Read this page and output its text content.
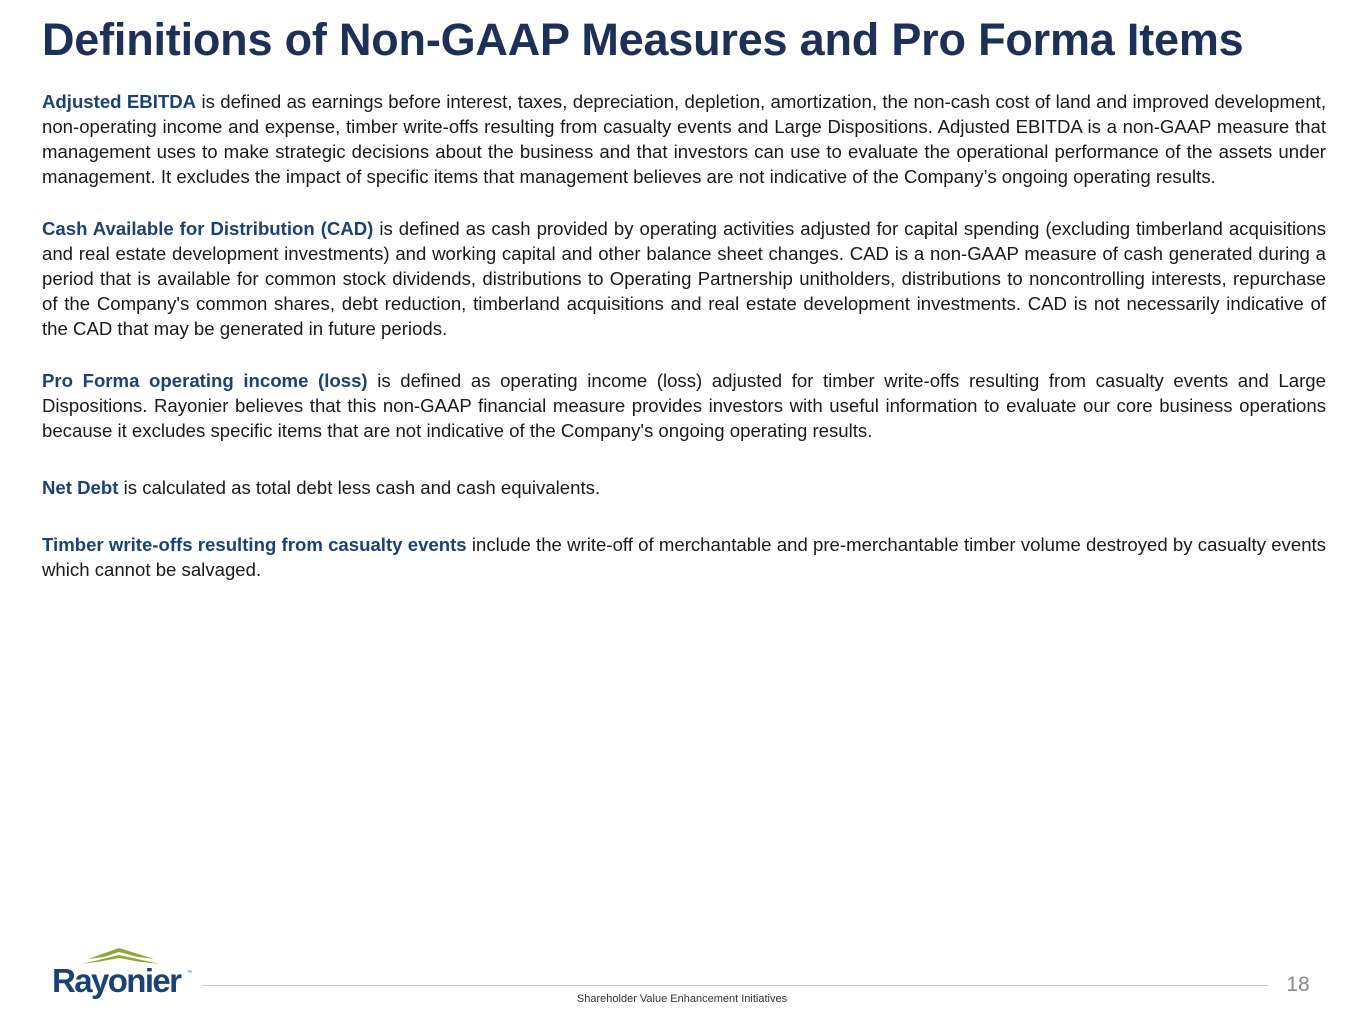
Definitions of Non-GAAP Measures and Pro Forma Items

Adjusted EBITDA is defined as earnings before interest, taxes, depreciation, depletion, amortization, the non-cash cost of land and improved development, non-operating income and expense, timber write-offs resulting from casualty events and Large Dispositions. Adjusted EBITDA is a non-GAAP measure that management uses to make strategic decisions about the business and that investors can use to evaluate the operational performance of the assets under management. It excludes the impact of specific items that management believes are not indicative of the Company’s ongoing operating results.

Cash Available for Distribution (CAD) is defined as cash provided by operating activities adjusted for capital spending (excluding timberland acquisitions and real estate development investments) and working capital and other balance sheet changes. CAD is a non-GAAP measure of cash generated during a period that is available for common stock dividends, distributions to Operating Partnership unitholders, distributions to noncontrolling interests, repurchase of the Company's common shares, debt reduction, timberland acquisitions and real estate development investments. CAD is not necessarily indicative of the CAD that may be generated in future periods.

Pro Forma operating income (loss) is defined as operating income (loss) adjusted for timber write-offs resulting from casualty events and Large Dispositions. Rayonier believes that this non-GAAP financial measure provides investors with useful information to evaluate our core business operations because it excludes specific items that are not indicative of the Company's ongoing operating results.

Net Debt is calculated as total debt less cash and cash equivalents.

Timber write-offs resulting from casualty events include the write-off of merchantable and pre-merchantable timber volume destroyed by casualty events which cannot be salvaged.

Rayonier ™
Shareholder Value Enhancement Initiatives
18
